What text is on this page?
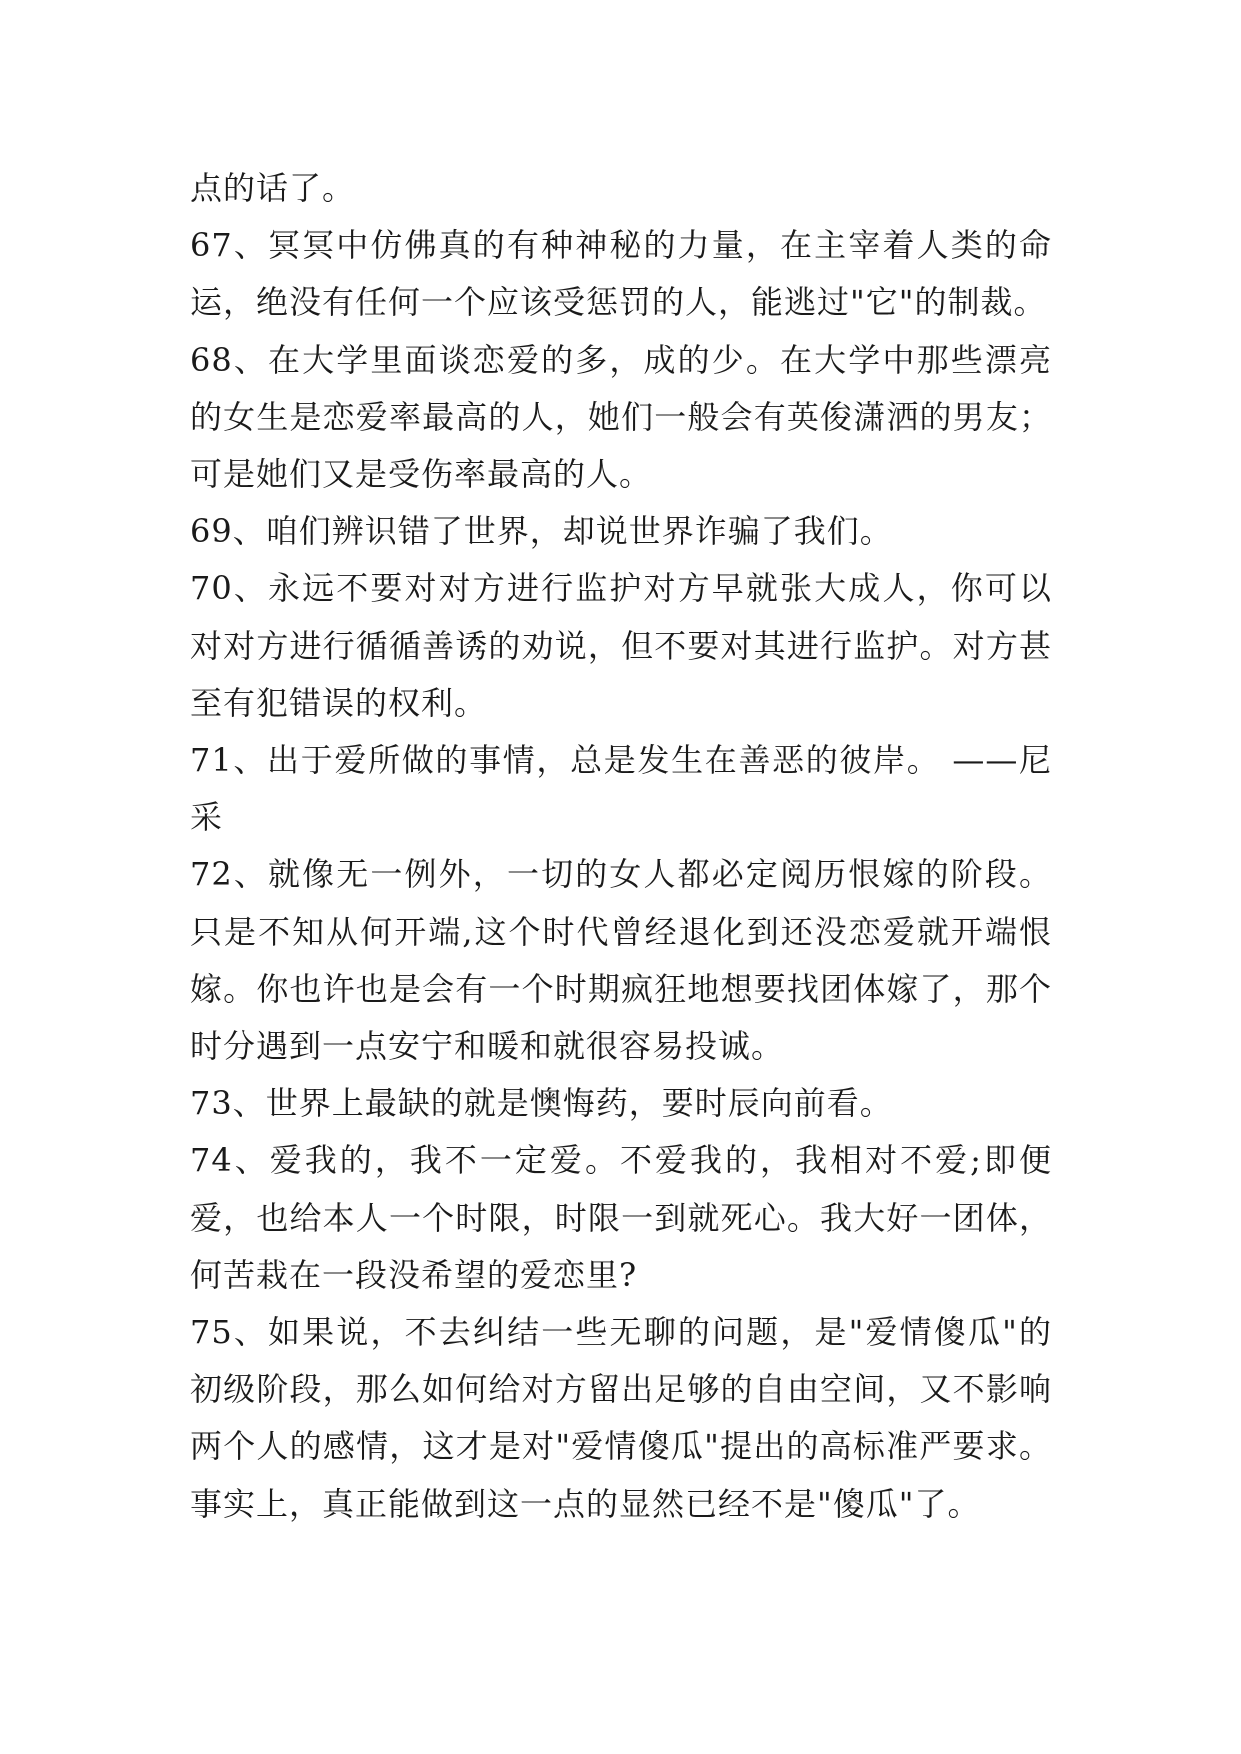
点的话了。

67、冥冥中仿佛真的有种神秘的力量，在主宰着人类的命运，绝没有任何一个应该受惩罚的人，能逃过"它"的制裁。

68、在大学里面谈恋爱的多，成的少。在大学中那些漂亮的女生是恋爱率最高的人，她们一般会有英俊潇洒的男友；可是她们又是受伤率最高的人。

69、咱们辨识错了世界，却说世界诈骗了我们。

70、永远不要对对方进行监护对方早就张大成人，你可以对对方进行循循善诱的劝说，但不要对其进行监护。对方甚至有犯错误的权利。

71、出于爱所做的事情，总是发生在善恶的彼岸。 ——尼采

72、就像无一例外，一切的女人都必定阅历恨嫁的阶段。只是不知从何开端,这个时代曾经退化到还没恋爱就开端恨嫁。你也许也是会有一个时期疯狂地想要找团体嫁了，那个时分遇到一点安宁和暖和就很容易投诚。

73、世界上最缺的就是懊悔药，要时辰向前看。

74、爱我的，我不一定爱。不爱我的，我相对不爱;即便爱，也给本人一个时限，时限一到就死心。我大好一团体，何苦栽在一段没希望的爱恋里?

75、如果说，不去纠结一些无聊的问题，是"爱情傻瓜"的初级阶段，那么如何给对方留出足够的自由空间，又不影响两个人的感情，这才是对"爱情傻瓜"提出的高标准严要求。事实上，真正能做到这一点的显然已经不是"傻瓜"了。
